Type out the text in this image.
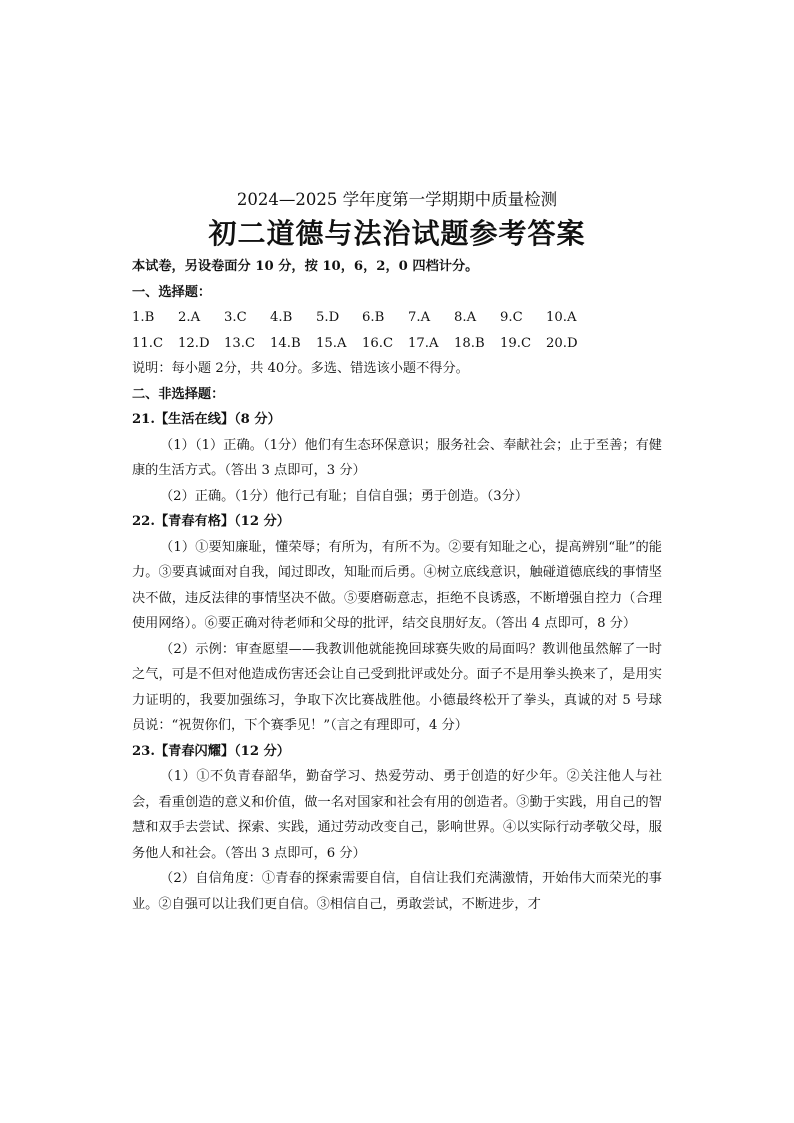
2024—2025 学年度第一学期期中质量检测
初二道德与法治试题参考答案

本试卷，另设卷面分 10 分，按 10，6，2，0 四档计分。

一、选择题：

1.B	2.A	3.C	4.B	5.D	6.B	7.A	8.A	9.C	10.A
11.C	12.D	13.C	14.B	15.A	16.C	17.A	18.B	19.C	20.D

说明：每小题 2分，共 40分。多选、错选该小题不得分。

二、非选择题：

21.【生活在线】（8 分）

（1）（1）正确。（1分）他们有生态环保意识；服务社会、奉献社会；止于至善；有健康的生活方式。（答出 3 点即可，3 分）

（2）正确。（1分）他行己有耻；自信自强；勇于创造。（3分）

22.【青春有格】（12 分）

（1）①要知廉耻，懂荣辱；有所为，有所不为。②要有知耻之心，提高辨别“耻”的能力。③要真诚面对自我，闻过即改，知耻而后勇。④树立底线意识，触碰道德底线的事情坚决不做，违反法律的事情坚决不做。⑤要磨砺意志，拒绝不良诱惑，不断增强自控力（合理使用网络）。⑥要正确对待老师和父母的批评，结交良朋好友。（答出 4 点即可，8 分）

（2）示例：审查愿望——我教训他就能挽回球赛失败的局面吗？教训他虽然解了一时之气，可是不但对他造成伤害还会让自己受到批评或处分。面子不是用拳头换来了，是用实力证明的，我要加强练习，争取下次比赛战胜他。小德最终松开了拳头，真诚的对 5 号球员说：“祝贺你们，下个赛季见！”（言之有理即可，4 分）

23.【青春闪耀】（12 分）

（1）①不负青春韶华，勤奋学习、热爱劳动、勇于创造的好少年。②关注他人与社会，看重创造的意义和价值，做一名对国家和社会有用的创造者。③勤于实践，用自己的智慧和双手去尝试、探索、实践，通过劳动改变自己，影响世界。④以实际行动孝敬父母，服务他人和社会。（答出 3 点即可，6 分）

（2）自信角度：①青春的探索需要自信，自信让我们充满激情，开始伟大而荣光的事业。②自强可以让我们更自信。③相信自己，勇敢尝试，不断进步，才
